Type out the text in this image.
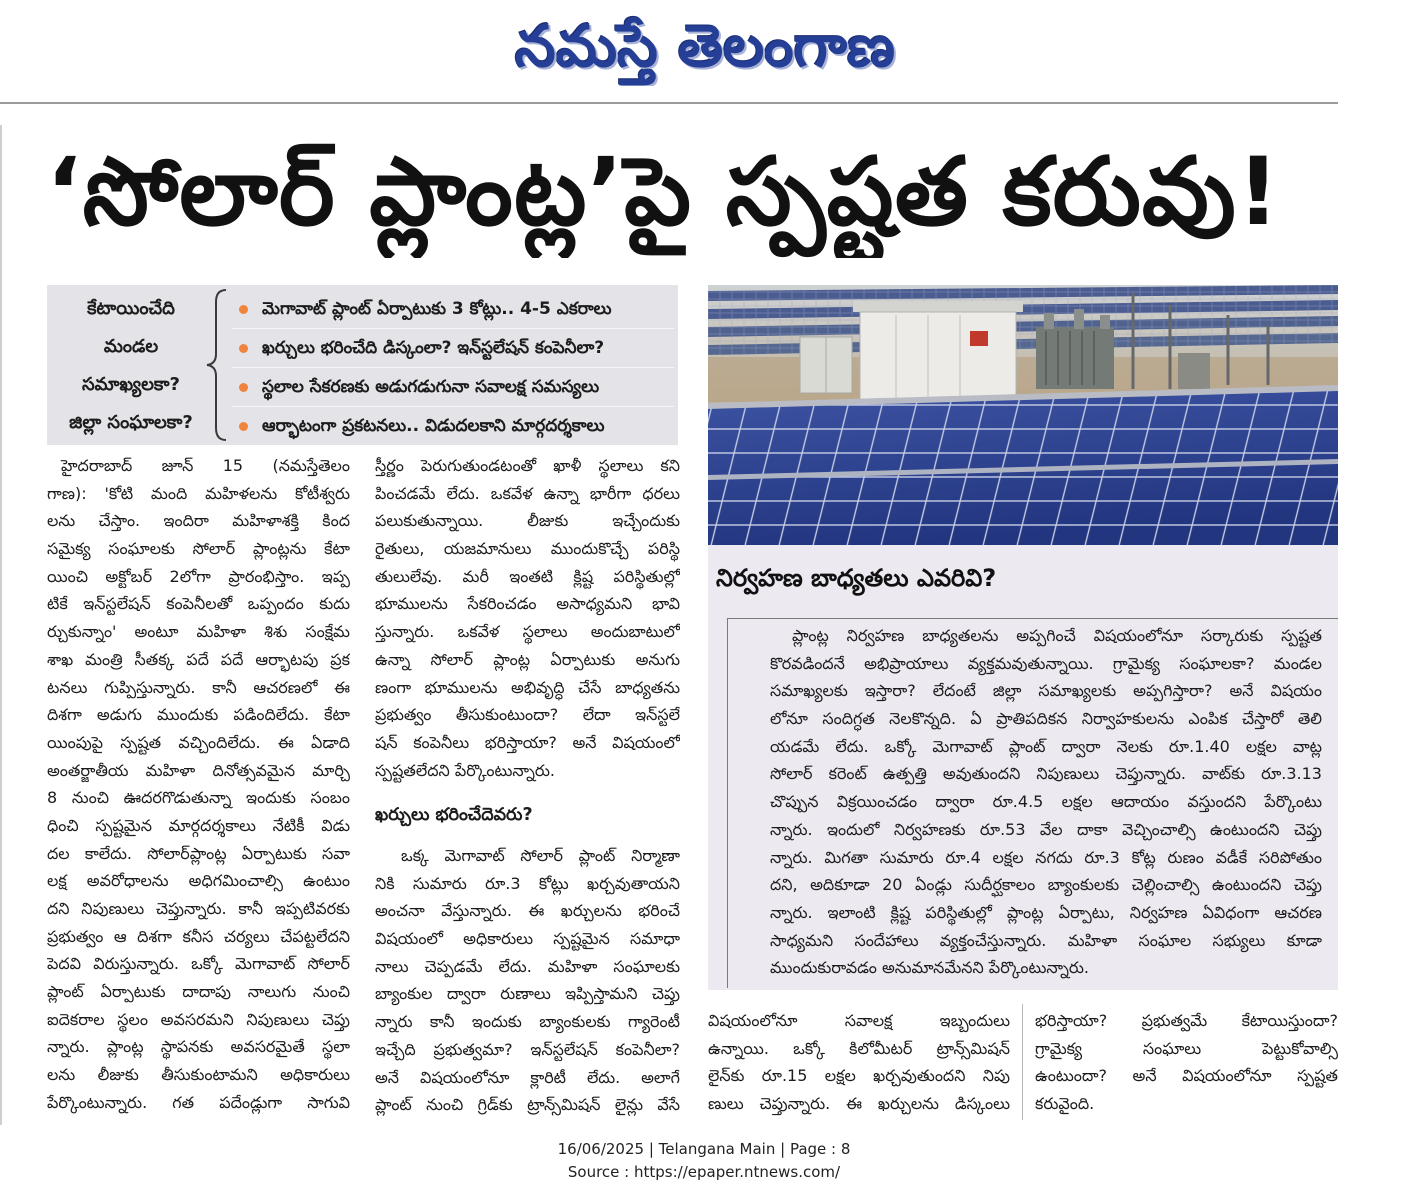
నమస్తే తెలంగాణ
‘సోలార్ ప్లాంట్ల’పై స్పష్టత కరువు!
కేటాయించేది
మండల
సమాఖ్యలకా?
జిల్లా సంఘాలకా?
మెగావాట్ ప్లాంట్ ఏర్పాటుకు 3 కోట్లు.. 4-5 ఎకరాలు
ఖర్చులు భరించేది డిస్కంలా? ఇన్‌స్టలేషన్ కంపెనీలా?
స్థలాల సేకరణకు అడుగడుగునా సవాలక్ష సమస్యలు
ఆర్భాటంగా ప్రకటనలు.. విడుదలకాని మార్గదర్శకాలు
నిర్వహణ బాధ్యతలు ఎవరివి?
ప్లాంట్ల నిర్వహణ బాధ్యతలను అప్పగించే విషయంలోనూ సర్కారుకు స్పష్టత
కొరవడిందనే అభిప్రాయాలు వ్యక్తమవుతున్నాయి. గ్రామైక్య సంఘాలకా? మండల
సమాఖ్యలకు ఇస్తారా? లేదంటే జిల్లా సమాఖ్యలకు అప్పగిస్తారా? అనే విషయం
లోనూ సందిగ్ధత నెలకొన్నది. ఏ ప్రాతిపదికన నిర్వాహకులను ఎంపిక చేస్తారో తెలి
యడమే లేదు. ఒక్కో మెగావాట్ ప్లాంట్ ద్వారా నెలకు రూ.1.40 లక్షల వాట్ల
సోలార్ కరెంట్ ఉత్పత్తి అవుతుందని నిపుణులు చెప్తున్నారు. వాట్‌కు రూ.3.13
చొప్పున విక్రయించడం ద్వారా రూ.4.5 లక్షల ఆదాయం వస్తుందని పేర్కొంటు
న్నారు. ఇందులో నిర్వహణకు రూ.53 వేల దాకా వెచ్చించాల్సి ఉంటుందని చెప్తు
న్నారు. మిగతా సుమారు రూ.4 లక్షల నగదు రూ.3 కోట్ల రుణం వడీకే సరిపోతుం
దని, అదికూడా 20 ఏండ్లు సుదీర్ఘకాలం బ్యాంకులకు చెల్లించాల్సి ఉంటుందని చెప్తు
న్నారు. ఇలాంటి క్లిష్ట పరిస్థితుల్లో ప్లాంట్ల ఏర్పాటు, నిర్వహణ ఏవిధంగా ఆచరణ
సాధ్యమని సందేహాలు వ్యక్తంచేస్తున్నారు. మహిళా సంఘాల సభ్యులు కూడా
ముందుకురావడం అనుమానమేనని పేర్కొంటున్నారు.
హైదరాబాద్ జూన్ 15 (నమస్తేతెలం
గాణ): 'కోటి మంది మహిళలను కోటీశ్వరు
లను చేస్తాం. ఇందిరా మహిళాశక్తి కింద
సమైక్య సంఘాలకు సోలార్ ప్లాంట్లను కేటా
యించి అక్టోబర్ 2లోగా ప్రారంభిస్తాం. ఇప్ప
టికే ఇన్‌స్టలేషన్ కంపెనీలతో ఒప్పందం కుదు
ర్చుకున్నాం' అంటూ మహిళా శిశు సంక్షేమ
శాఖ మంత్రి సీతక్క పదే పదే ఆర్భాటపు ప్రక
టనలు గుప్పిస్తున్నారు. కానీ ఆచరణలో ఈ
దిశగా అడుగు ముందుకు పడిందిలేదు. కేటా
యింపుపై స్పష్టత వచ్చిందిలేదు. ఈ ఏడాది
అంతర్జాతీయ మహిళా దినోత్సవమైన మార్చి
8 నుంచి ఊదరగొడుతున్నా ఇందుకు సంబం
ధించి స్పష్టమైన మార్గదర్శకాలు నేటికీ విడు
దల కాలేదు. సోలార్‌ప్లాంట్ల ఏర్పాటుకు సవా
లక్ష అవరోధాలను అధిగమించాల్సి ఉంటుం
దని నిపుణులు చెప్తున్నారు. కానీ ఇప్పటివరకు
ప్రభుత్వం ఆ దిశగా కనీస చర్యలు చేపట్టలేదని
పెదవి విరుస్తున్నారు. ఒక్కో మెగావాట్ సోలార్
ప్లాంట్ ఏర్పాటుకు దాదాపు నాలుగు నుంచి
ఐదెకరాల స్థలం అవసరమని నిపుణులు చెప్తు
న్నారు. ప్లాంట్ల స్థాపనకు అవసరమైతే స్థలా
లను లీజుకు తీసుకుంటామని అధికారులు
పేర్కొంటున్నారు. గత పదేండ్లుగా సాగువి
స్తీర్ణం పెరుగుతుండటంతో ఖాళీ స్థలాలు కని
పించడమే లేదు. ఒకవేళ ఉన్నా భారీగా ధరలు
పలుకుతున్నాయి. లీజుకు ఇచ్చేందుకు
రైతులు, యజమానులు ముందుకొచ్చే పరిస్థి
తులులేవు. మరీ ఇంతటి క్లిష్ట పరిస్థితుల్లో
భూములను సేకరించడం అసాధ్యమని భావి
స్తున్నారు. ఒకవేళ స్థలాలు అందుబాటులో
ఉన్నా సోలార్ ప్లాంట్ల ఏర్పాటుకు అనుగు
ణంగా భూములను అభివృద్ధి చేసే బాధ్యతను
ప్రభుత్వం తీసుకుంటుందా? లేదా ఇన్‌స్టలే
షన్ కంపెనీలు భరిస్తాయా? అనే విషయంలో
స్పష్టతలేదని పేర్కొంటున్నారు.
ఖర్చులు భరించేదెవరు?
ఒక్క మెగావాట్ సోలార్ ప్లాంట్ నిర్మాణా
నికి సుమారు రూ.3 కోట్లు ఖర్చవుతాయని
అంచనా వేస్తున్నారు. ఈ ఖర్చులను భరించే
విషయంలో అధికారులు స్పష్టమైన సమాధా
నాలు చెప్పడమే లేదు. మహిళా సంఘాలకు
బ్యాంకుల ద్వారా రుణాలు ఇప్పిస్తామని చెప్తు
న్నారు కానీ ఇందుకు బ్యాంకులకు గ్యారెంటీ
ఇచ్చేది ప్రభుత్వమా? ఇన్‌స్టలేషన్ కంపెనీలా?
అనే విషయంలోనూ క్లారిటీ లేదు. అలాగే
ప్లాంట్ నుంచి గ్రిడ్‌కు ట్రాన్స్‌మిషన్ లైన్లు వేసే
విషయంలోనూ సవాలక్ష ఇబ్బందులు
ఉన్నాయి. ఒక్కో కిలోమీటర్ ట్రాన్స్‌మిషన్
లైన్‌కు రూ.15 లక్షల ఖర్చవుతుందని నిపు
ణులు చెప్తున్నారు. ఈ ఖర్చులను డిస్కంలు
భరిస్తాయా? ప్రభుత్వమే కేటాయిస్తుందా?
గ్రామైక్య సంఘాలు పెట్టుకోవాల్సి
ఉంటుందా? అనే విషయంలోనూ స్పష్టత
కరువైంది.
16/06/2025 | Telangana Main | Page : 8
Source : https://epaper.ntnews.com/
